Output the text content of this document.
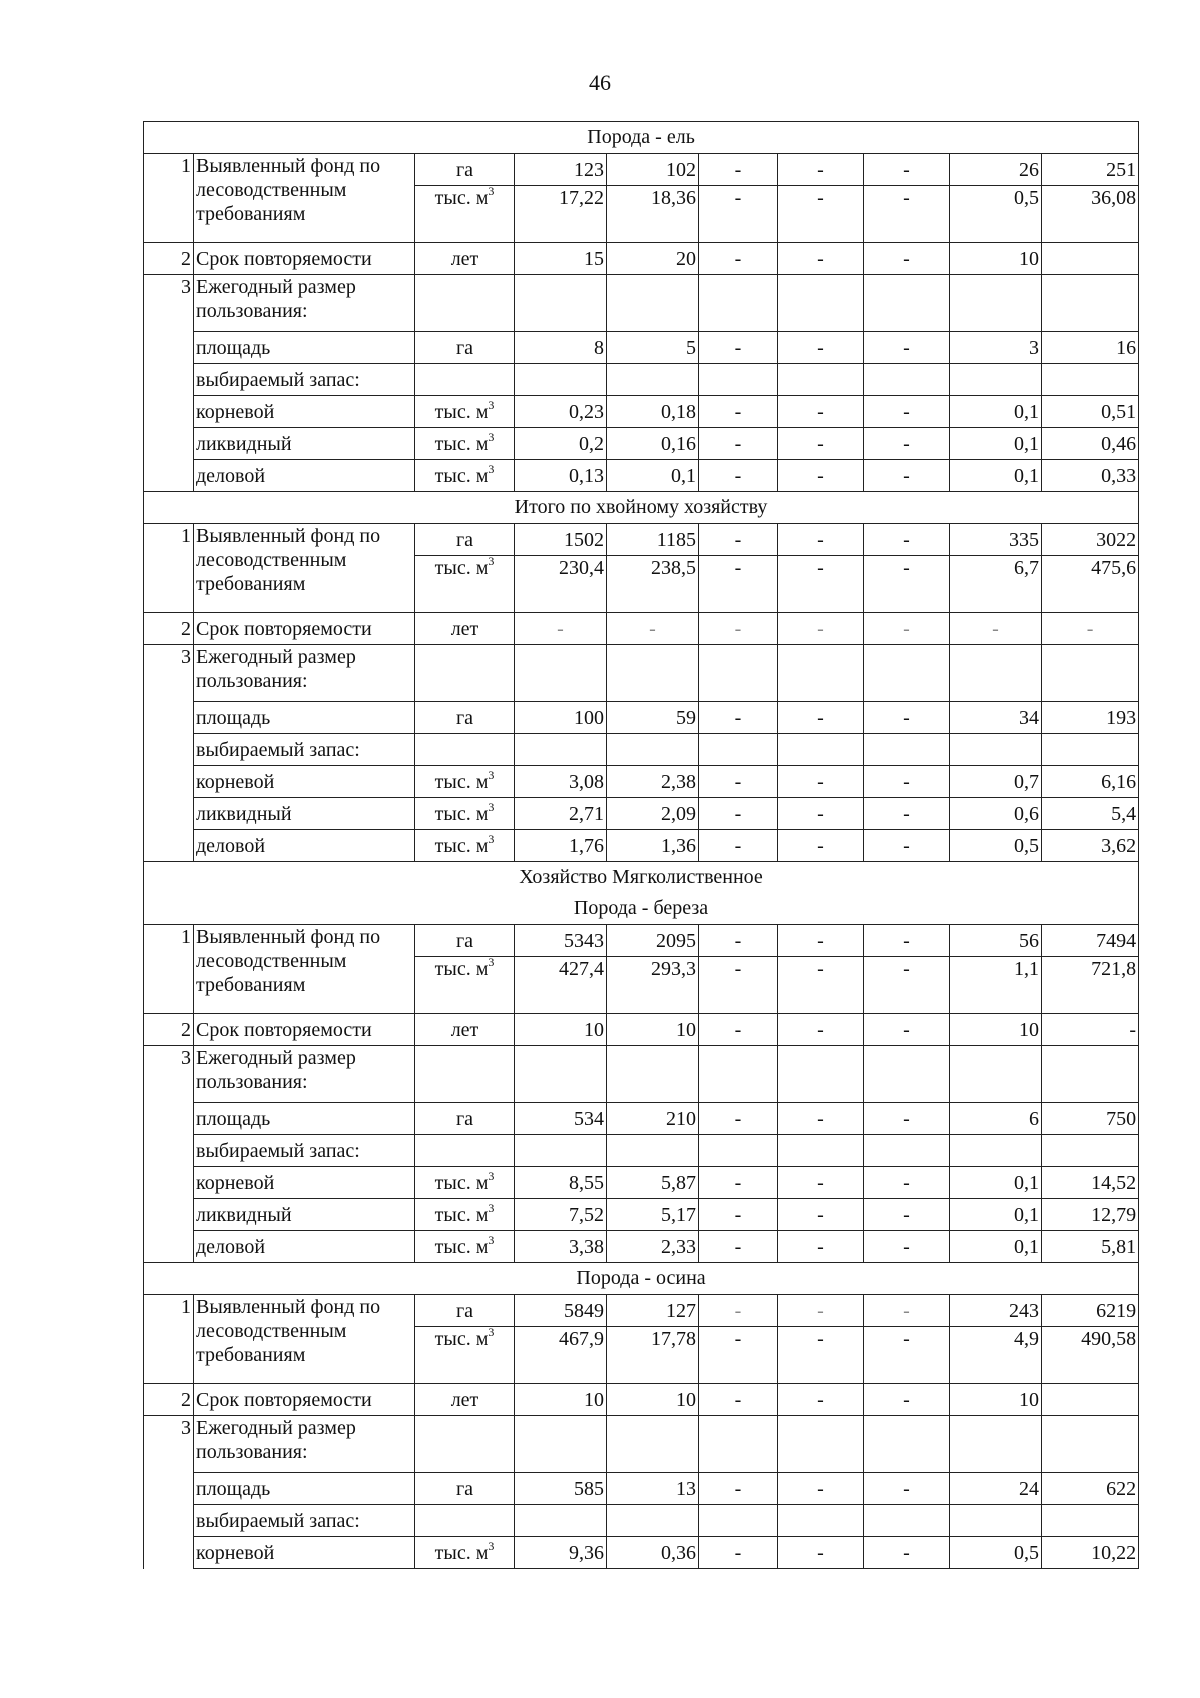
46
Порода - ель									

1	Выявленный фонд по
лесоводственным
требованиям	га	123	102	-	-	-	26	251
		тыс. $м^3$	17,22	18,36	-	-	-	0,5	36,08
2	Срок повторяемости	лет	15	20	-	-	-	10	
3	Ежегодный размер
пользования:								

	площадь	га	8	5	-	-	-	3	16
	выбираемый запас:								
	корневой	тыс. $м^3$	0,23	0,18	-	-	-	0,1	0,51
	ликвидный	тыс. $м^3$	0,2	0,16	-	-	-	0,1	0,46
	деловой	тыс. $м^3$	0,13	0,1	-	-	-	0,1	0,33

Итого по хвойному хозяйству									

1	Выявленный фонд по
лесоводственным
требованиям	га	1502	1185	-	-	-	335	3022
		тыс. $м^3$	230,4	238,5	-	-	-	6,7	475,6
2	Срок повторяемости	лет	-	-	-	-	-	-	-
3	Ежегодный размер
пользования:								

	площадь	га	100	59	-	-	-	34	193
	выбираемый запас:								
	корневой	тыс. $м^3$	3,08	2,38	-	-	-	0,7	6,16
	ликвидный	тыс. $м^3$	2,71	2,09	-	-	-	0,6	5,4
	деловой	тыс. $м^3$	1,76	1,36	-	-	-	0,5	3,62

Хозяйство Мягколиственное
Порода - береза									

1	Выявленный фонд по
лесоводственным
требованиям	га	5343	2095	-	-	-	56	7494
		тыс. $м^3$	427,4	293,3	-	-	-	1,1	721,8
2	Срок повторяемости	лет	10	10	-	-	-	10	-
3	Ежегодный размер
пользования:								

	площадь	га	534	210	-	-	-	6	750
	выбираемый запас:								
	корневой	тыс. $м^3$	8,55	5,87	-	-	-	0,1	14,52
	ликвидный	тыс. $м^3$	7,52	5,17	-	-	-	0,1	12,79
	деловой	тыс. $м^3$	3,38	2,33	-	-	-	0,1	5,81

Порода - осина									

1	Выявленный фонд по
лесоводственным
требованиям	га	5849	127	-	-	-	243	6219
		тыс. $м^3$	467,9	17,78	-	-	-	4,9	490,58
2	Срок повторяемости	лет	10	10	-	-	-	10	
3	Ежегодный размер
пользования:								

	площадь	га	585	13	-	-	-	24	622
	выбираемый запас:								
	корневой	тыс. $м^3$	9,36	0,36	-	-	-	0,5	10,22
